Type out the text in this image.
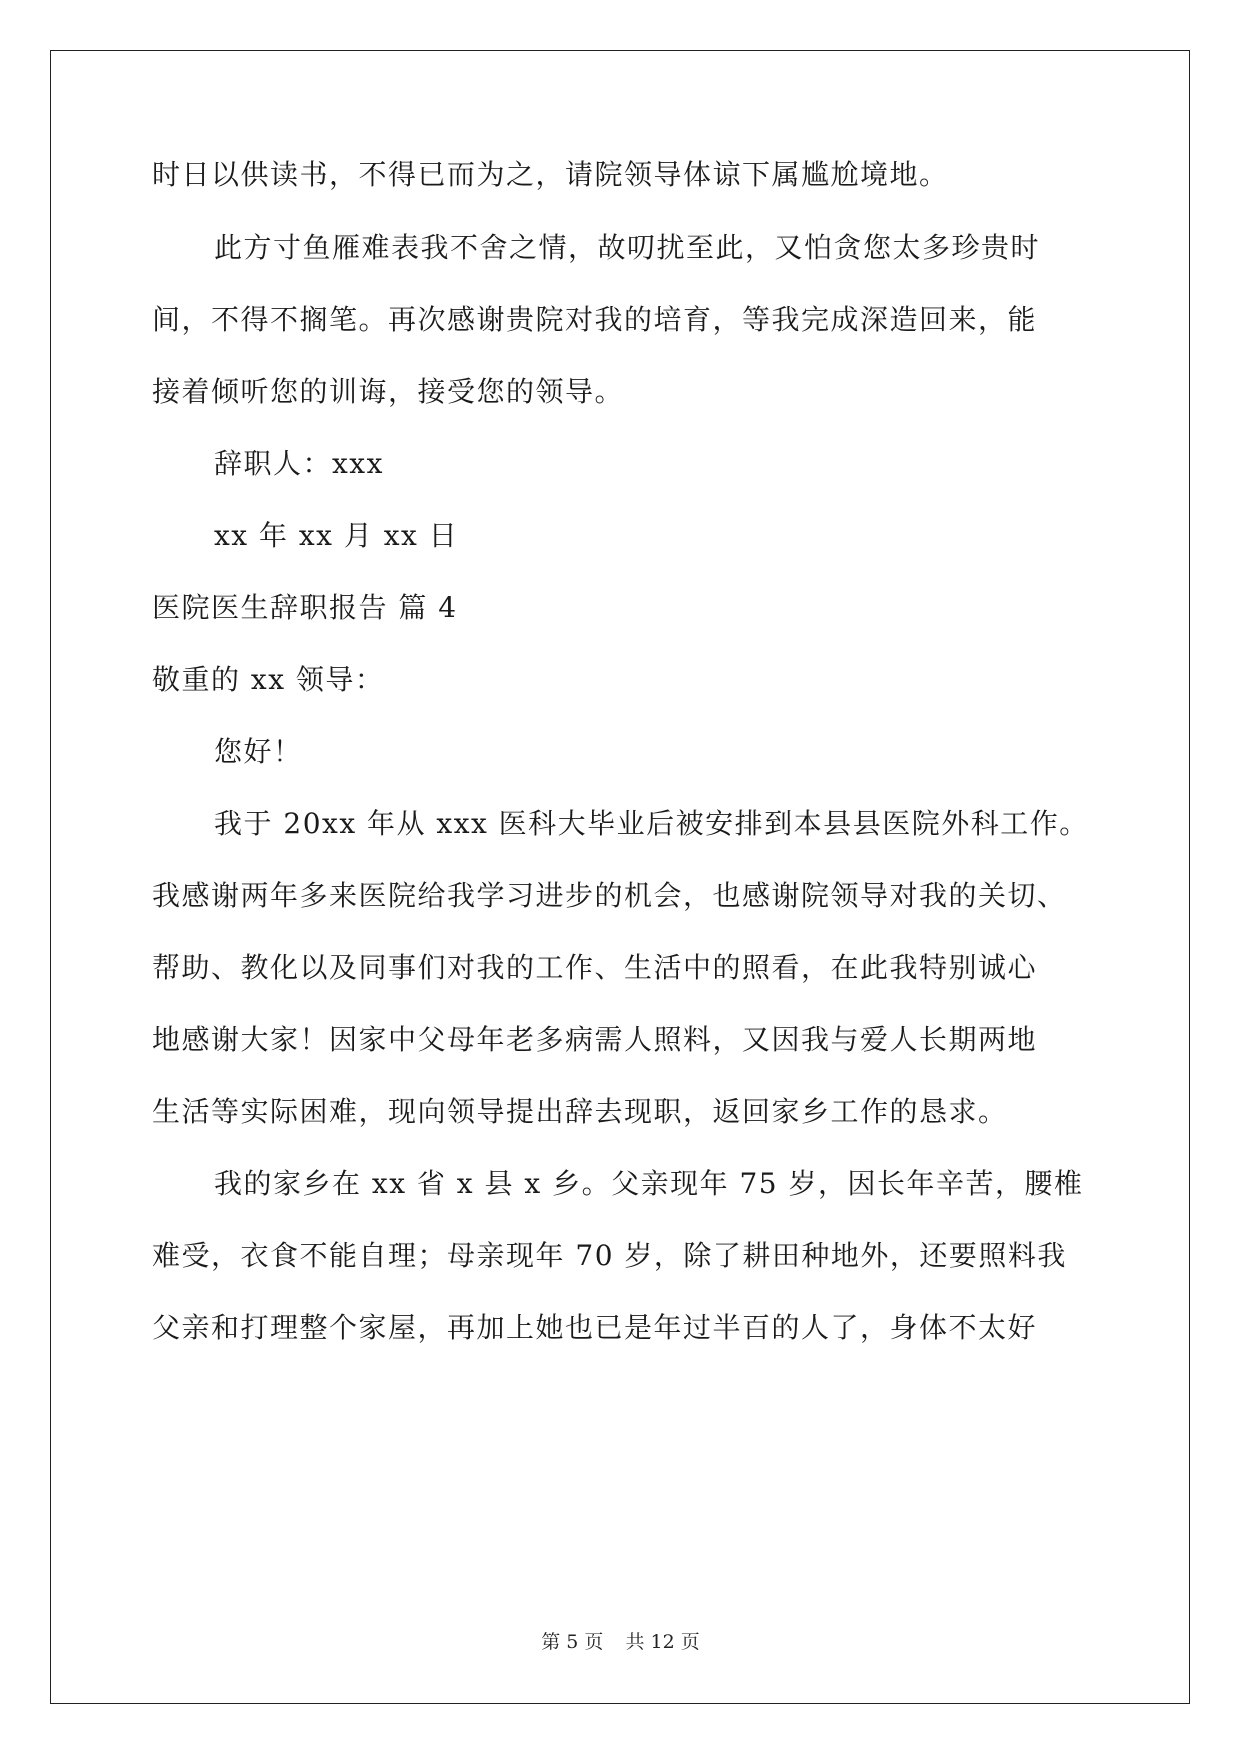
时日以供读书，不得已而为之，请院领导体谅下属尴尬境地。
此方寸鱼雁难表我不舍之情，故叨扰至此，又怕贪您太多珍贵时
间，不得不搁笔。再次感谢贵院对我的培育，等我完成深造回来，能
接着倾听您的训诲，接受您的领导。
辞职人：xxx
xx 年 xx 月 xx 日
医院医生辞职报告 篇 4
敬重的 xx 领导：
您好！
我于 20xx 年从 xxx 医科大毕业后被安排到本县县医院外科工作。
我感谢两年多来医院给我学习进步的机会，也感谢院领导对我的关切、
帮助、教化以及同事们对我的工作、生活中的照看，在此我特别诚心
地感谢大家！因家中父母年老多病需人照料，又因我与爱人长期两地
生活等实际困难，现向领导提出辞去现职，返回家乡工作的恳求。
我的家乡在 xx 省 x 县 x 乡。父亲现年 75 岁，因长年辛苦，腰椎
难受，衣食不能自理；母亲现年 70 岁，除了耕田种地外，还要照料我
父亲和打理整个家屋，再加上她也已是年过半百的人了，身体不太好
第 5 页 共 12 页
